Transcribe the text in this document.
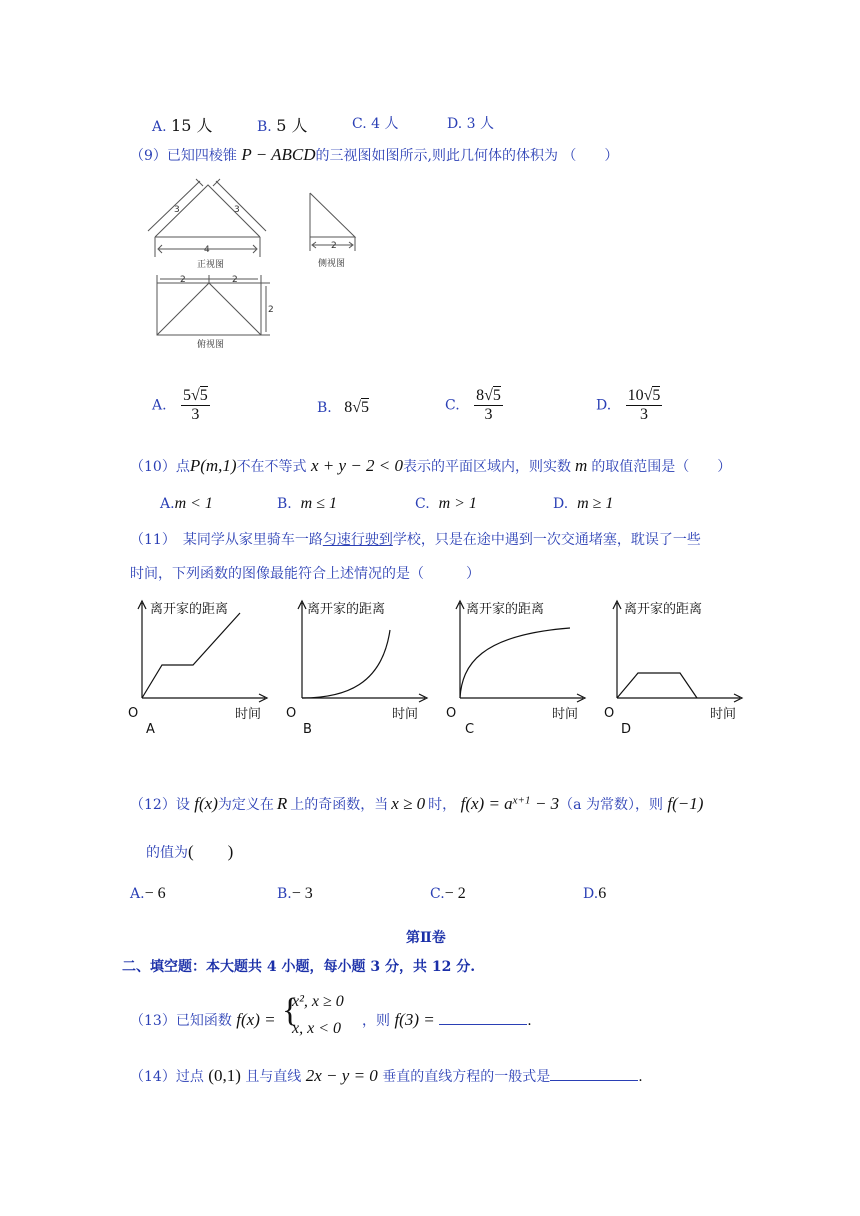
A. 15 人	B. 5 人	C. 4 人	D. 3 人
（9）已知四棱锥 P − ABCD的三视图如图所示,则此几何体的体积为 （　　）
3	3
4	2
2	2
2
正视图	侧视图
俯视图
A. $\frac{5√5}{3}$	B. 8√5	C. $\frac{8√5}{3}$	D. $\frac{10√5}{3}$
（10）点P(m,1)不在不等式 x + y − 2 < 0表示的平面区域内，则实数 m 的取值范围是（　　）
A.m < 1	B. m ≤ 1	C. m > 1	D. m ≥ 1
（11）　某同学从家里骑车一路匀速行驶到学校，只是在途中遇到一次交通堵塞，耽误了一些
时间，下列函数的图像最能符合上述情况的是（　　　）
离开家的距离
时间
O
A
离开家的距离
时间
O
B
离开家的距离
时间
O
C
离开家的距离
时间
O
D
（12）设 f(x)为定义在 R 上的奇函数，当 x ≥ 0 时， $f(x) = a^{x+1} - 3(a$ 为常数），则 f(−1)
的值为(　　)
A.− 6	B.− 3	C.− 2	D.6
第Ⅱ卷
二、填空题：本大题共 4 小题，每小题 3 分，共 12 分.
（13）已知函数 f(x) = {
x², x ≥ 0
x, x < 0 ，则 f(3) =	.
（14）过点 (0,1) 且与直线 2x − y = 0 垂直的直线方程的一般式是	.
